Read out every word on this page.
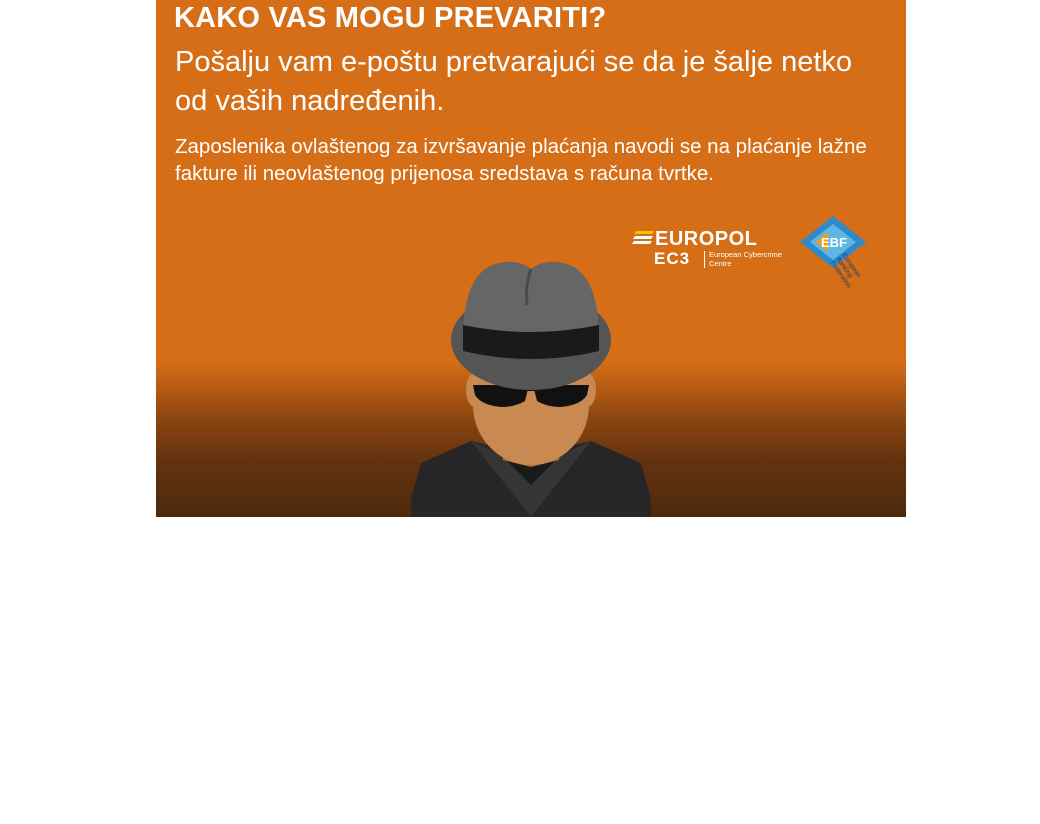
KAKO VAS MOGU PREVARITI?

Pošalju vam e-poštu pretvarajući se da je šalje netko od vaših nadređenih.

Zaposlenika ovlaštenog za izvršavanje plaćanja navodi se na plaćanje lažne fakture ili neovlaštenog prijenosa sredstava s računa tvrtke.

EUROPOL
EC3	European Cybercrime Centre
EBF
European Banking Federation
